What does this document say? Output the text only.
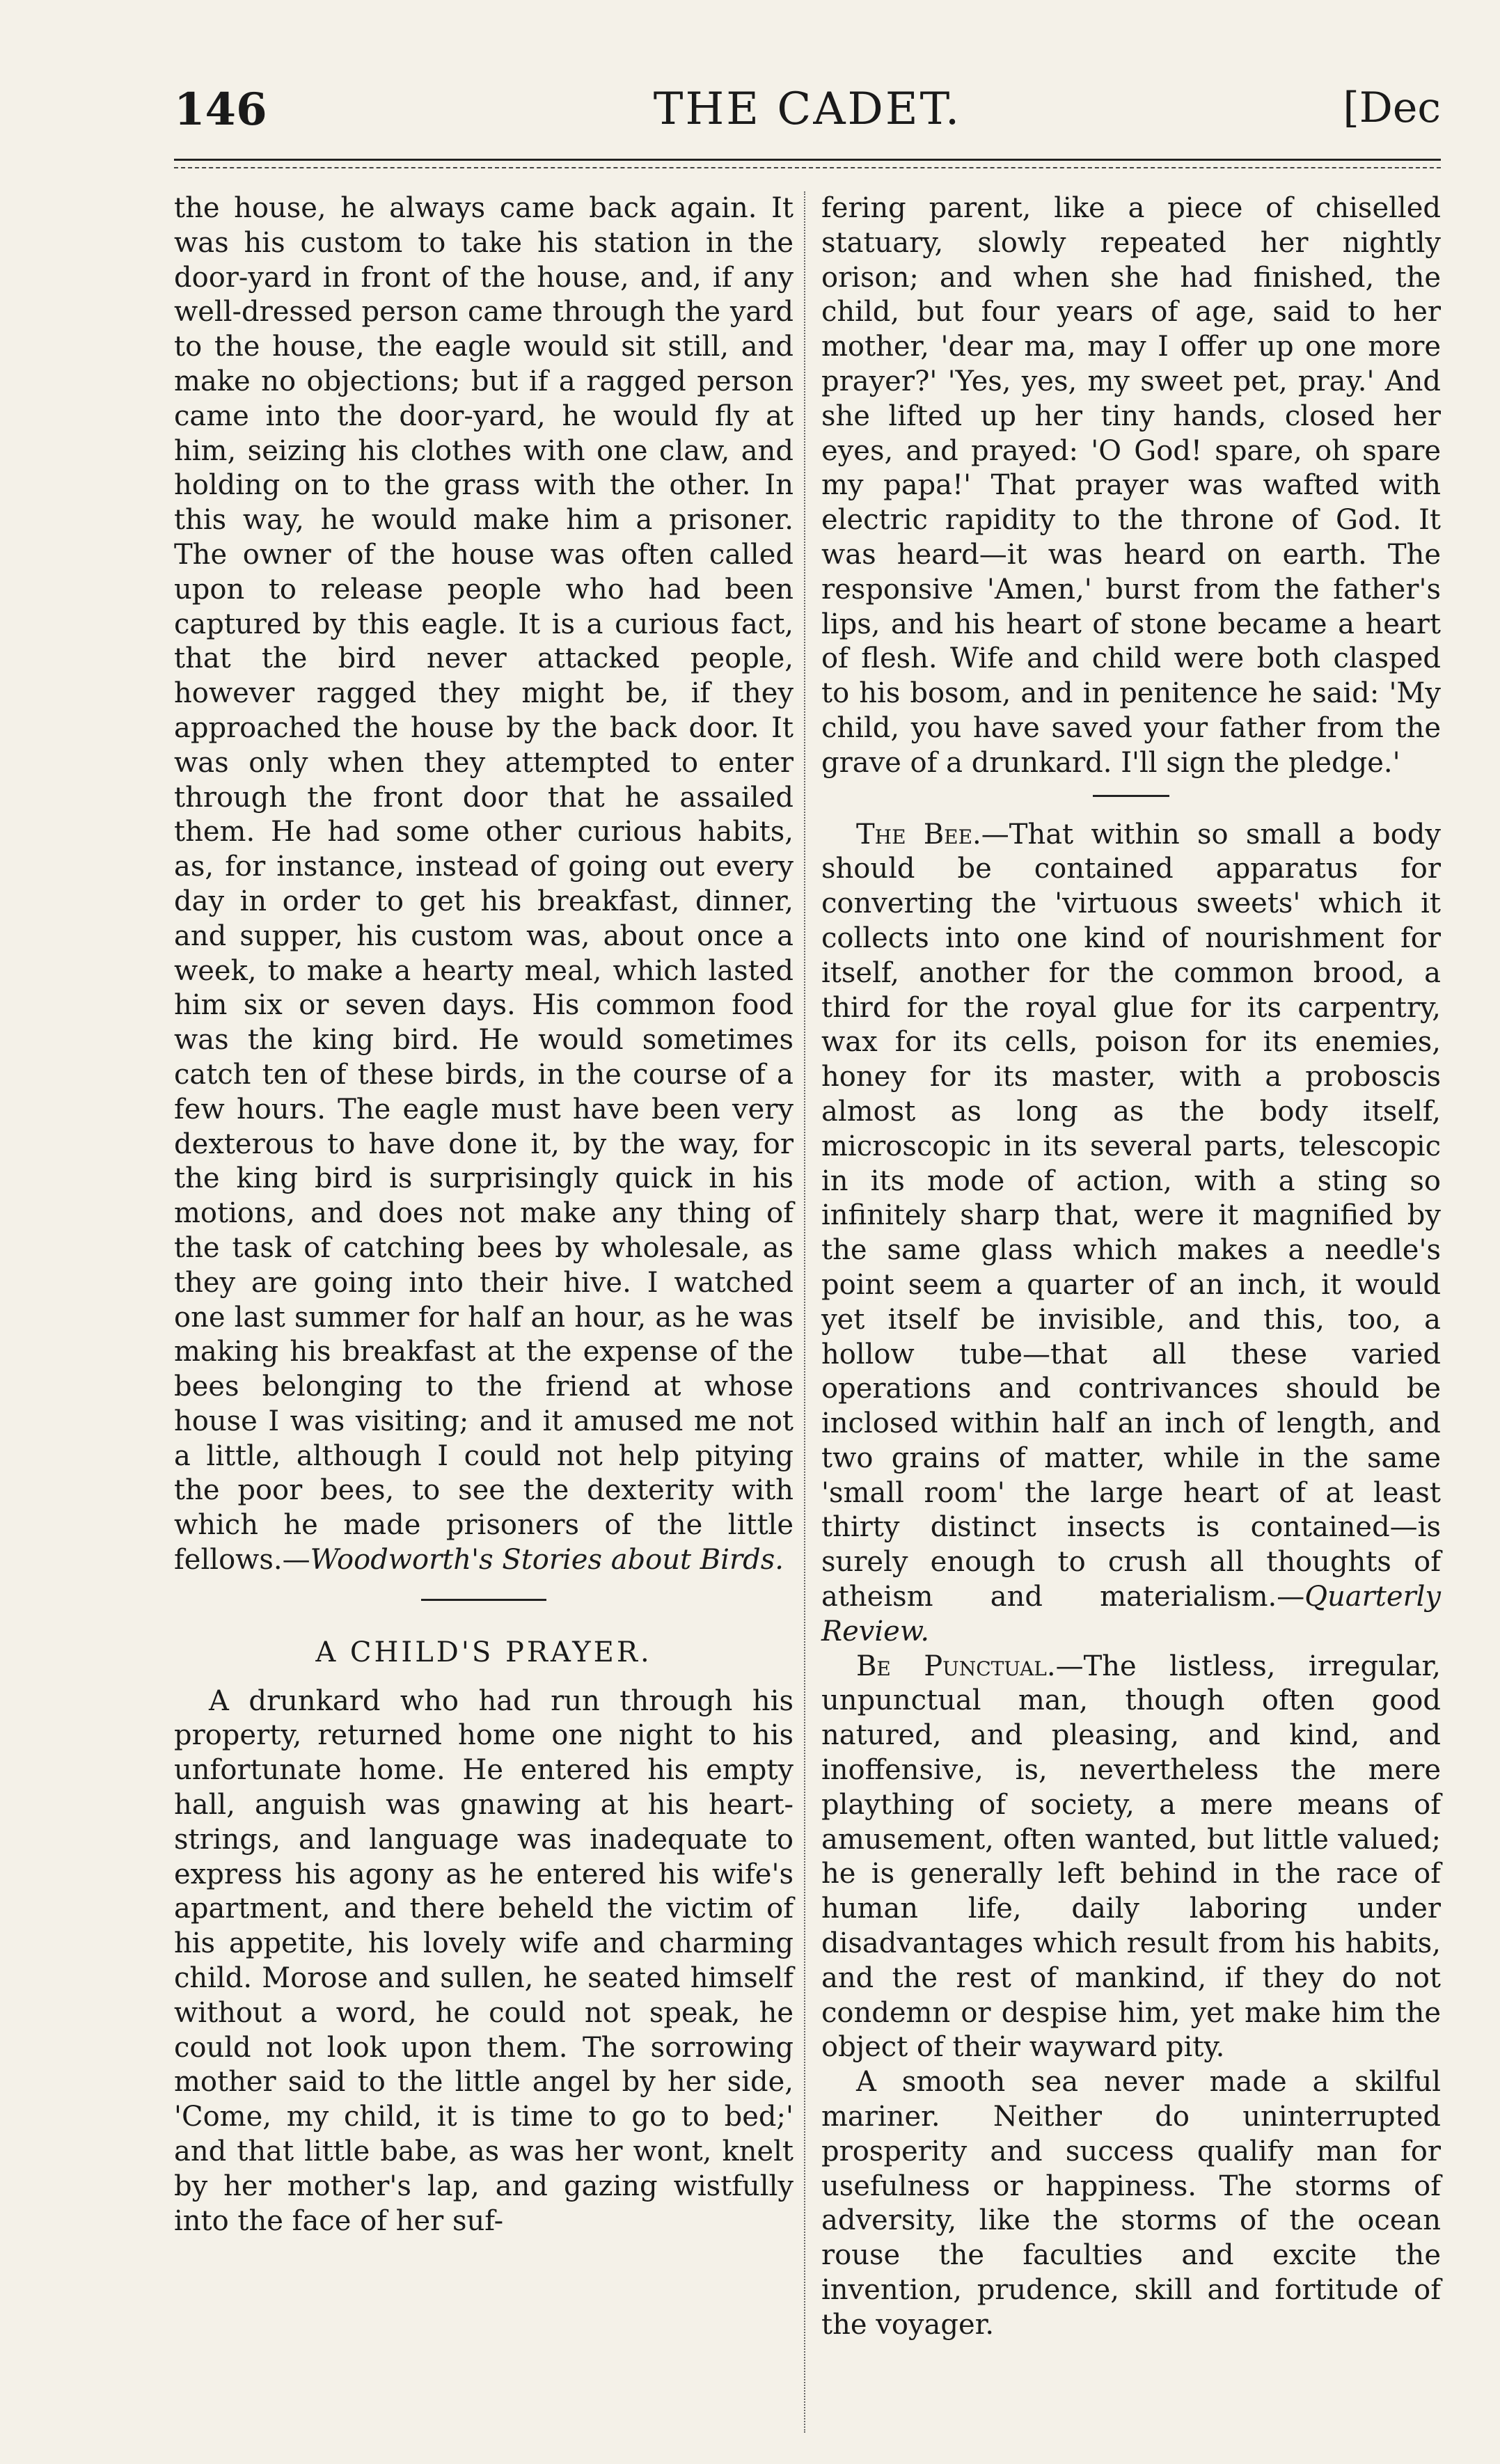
146	THE CADET.	[Dec

the house, he always came back again. It was his custom to take his station in the door-yard in front of the house, and, if any well-dressed person came through the yard to the house, the eagle would sit still, and make no objections; but if a ragged person came into the door-yard, he would fly at him, seizing his clothes with one claw, and holding on to the grass with the other. In this way, he would make him a prisoner. The owner of the house was often called upon to release people who had been captured by this eagle. It is a curious fact, that the bird never attacked people, however ragged they might be, if they approached the house by the back door. It was only when they attempted to enter through the front door that he assailed them. He had some other curious habits, as, for instance, instead of going out every day in order to get his breakfast, dinner, and supper, his custom was, about once a week, to make a hearty meal, which lasted him six or seven days. His common food was the king bird. He would sometimes catch ten of these birds, in the course of a few hours. The eagle must have been very dexterous to have done it, by the way, for the king bird is surprisingly quick in his motions, and does not make any thing of the task of catching bees by wholesale, as they are going into their hive. I watched one last summer for half an hour, as he was making his breakfast at the expense of the bees belonging to the friend at whose house I was visiting; and it amused me not a little, although I could not help pitying the poor bees, to see the dexterity with which he made prisoners of the little fellows.—Woodworth's Stories about Birds.

A CHILD'S PRAYER.

A drunkard who had run through his property, returned home one night to his unfortunate home. He entered his empty hall, anguish was gnawing at his heart-strings, and language was inadequate to express his agony as he entered his wife's apartment, and there beheld the victim of his appetite, his lovely wife and charming child. Morose and sullen, he seated himself without a word, he could not speak, he could not look upon them. The sorrowing mother said to the little angel by her side, 'Come, my child, it is time to go to bed;' and that little babe, as was her wont, knelt by her mother's lap, and gazing wistfully into the face of her suf-

fering parent, like a piece of chiselled statuary, slowly repeated her nightly orison; and when she had finished, the child, but four years of age, said to her mother, 'dear ma, may I offer up one more prayer?' 'Yes, yes, my sweet pet, pray.' And she lifted up her tiny hands, closed her eyes, and prayed: 'O God! spare, oh spare my papa!' That prayer was wafted with electric rapidity to the throne of God. It was heard—it was heard on earth. The responsive 'Amen,' burst from the father's lips, and his heart of stone became a heart of flesh. Wife and child were both clasped to his bosom, and in penitence he said: 'My child, you have saved your father from the grave of a drunkard. I'll sign the pledge.'

The Bee.—That within so small a body should be contained apparatus for converting the 'virtuous sweets' which it collects into one kind of nourishment for itself, another for the common brood, a third for the royal glue for its carpentry, wax for its cells, poison for its enemies, honey for its master, with a proboscis almost as long as the body itself, microscopic in its several parts, telescopic in its mode of action, with a sting so infinitely sharp that, were it magnified by the same glass which makes a needle's point seem a quarter of an inch, it would yet itself be invisible, and this, too, a hollow tube—that all these varied operations and contrivances should be inclosed within half an inch of length, and two grains of matter, while in the same 'small room' the large heart of at least thirty distinct insects is contained—is surely enough to crush all thoughts of atheism and materialism.—Quarterly Review.

Be Punctual.—The listless, irregular, unpunctual man, though often good natured, and pleasing, and kind, and inoffensive, is, nevertheless the mere plaything of society, a mere means of amusement, often wanted, but little valued; he is generally left behind in the race of human life, daily laboring under disadvantages which result from his habits, and the rest of mankind, if they do not condemn or despise him, yet make him the object of their wayward pity.

A smooth sea never made a skilful mariner. Neither do uninterrupted prosperity and success qualify man for usefulness or happiness. The storms of adversity, like the storms of the ocean rouse the faculties and excite the invention, prudence, skill and fortitude of the voyager.
